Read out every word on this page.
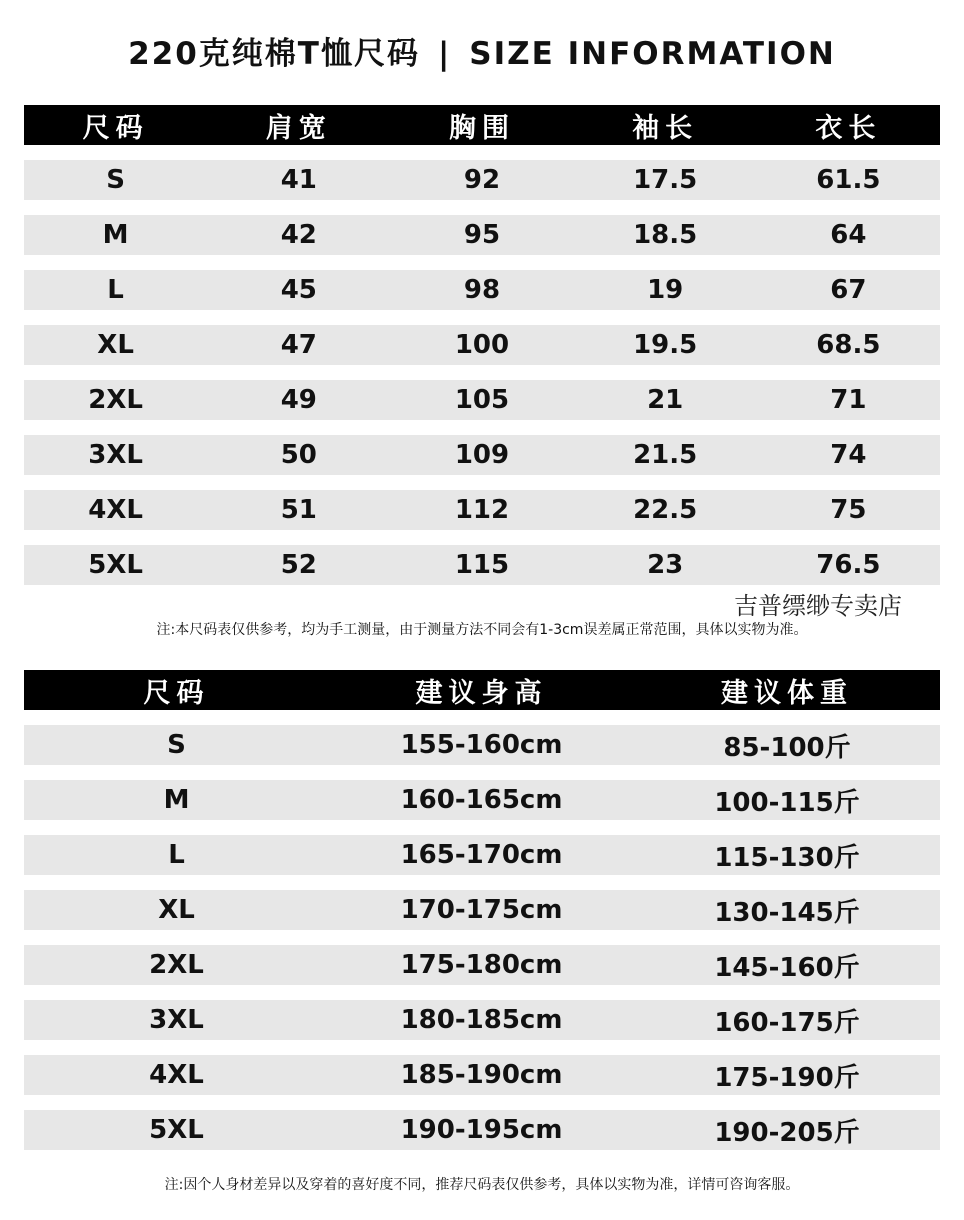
220克纯棉T恤尺码 | SIZE INFORMATION
尺码	肩宽	胸围	袖长	衣长
S	41	92	17.5	61.5
M	42	95	18.5	64
L	45	98	19	67
XL	47	100	19.5	68.5
2XL	49	105	21	71
3XL	50	109	21.5	74
4XL	51	112	22.5	75
5XL	52	115	23	76.5
吉普缥缈专卖店
注:本尺码表仅供参考，均为手工测量，由于测量方法不同会有1-3cm误差属正常范围，具体以实物为准。
尺码	建议身高	建议体重
S	155-160cm	85-100斤
M	160-165cm	100-115斤
L	165-170cm	115-130斤
XL	170-175cm	130-145斤
2XL	175-180cm	145-160斤
3XL	180-185cm	160-175斤
4XL	185-190cm	175-190斤
5XL	190-195cm	190-205斤
注:因个人身材差异以及穿着的喜好度不同，推荐尺码表仅供参考，具体以实物为准，详情可咨询客服。
